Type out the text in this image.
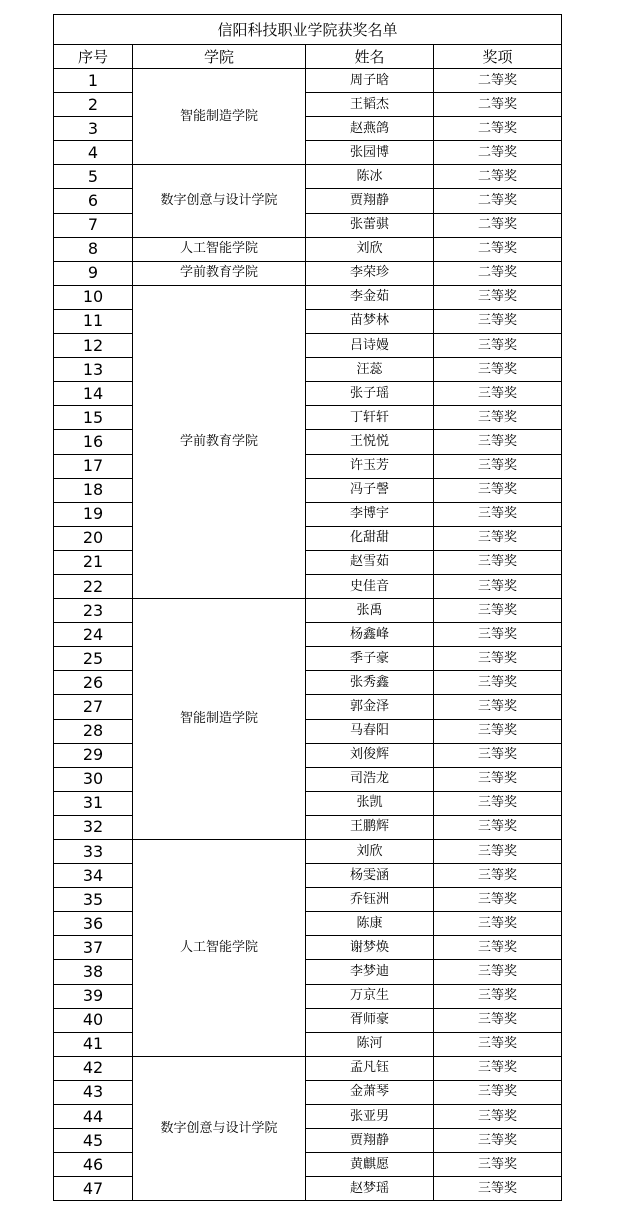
信阳科技职业学院获奖名单			
序号	学院	姓名	奖项
1	智能制造学院	周子晗	二等奖
2		王韬杰	二等奖
3		赵燕鸽	二等奖
4		张园博	二等奖
5	数字创意与设计学院	陈冰	二等奖
6		贾翔静	二等奖
7		张蕾骐	二等奖
8	人工智能学院	刘欣	二等奖
9	学前教育学院	李荣珍	二等奖
10	学前教育学院	李金茹	三等奖
11		苗梦林	三等奖
12		吕诗嫚	三等奖
13		汪蕊	三等奖
14		张子瑶	三等奖
15		丁轩轩	三等奖
16		王悦悦	三等奖
17		许玉芳	三等奖
18		冯子謦	三等奖
19		李博宇	三等奖
20		化甜甜	三等奖
21		赵雪茹	三等奖
22		史佳音	三等奖
23	智能制造学院	张禹	三等奖
24		杨鑫峰	三等奖
25		季子豪	三等奖
26		张秀鑫	三等奖
27		郭金泽	三等奖
28		马春阳	三等奖
29		刘俊辉	三等奖
30		司浩龙	三等奖
31		张凯	三等奖
32		王鹏辉	三等奖
33	人工智能学院	刘欣	三等奖
34		杨雯涵	三等奖
35		乔钰洲	三等奖
36		陈康	三等奖
37		谢梦焕	三等奖
38		李梦迪	三等奖
39		万京生	三等奖
40		胥师豪	三等奖
41		陈河	三等奖
42	数字创意与设计学院	孟凡钰	三等奖
43		金萧琴	三等奖
44		张亚男	三等奖
45		贾翔静	三等奖
46		黄麒愿	三等奖
47		赵梦瑶	三等奖
